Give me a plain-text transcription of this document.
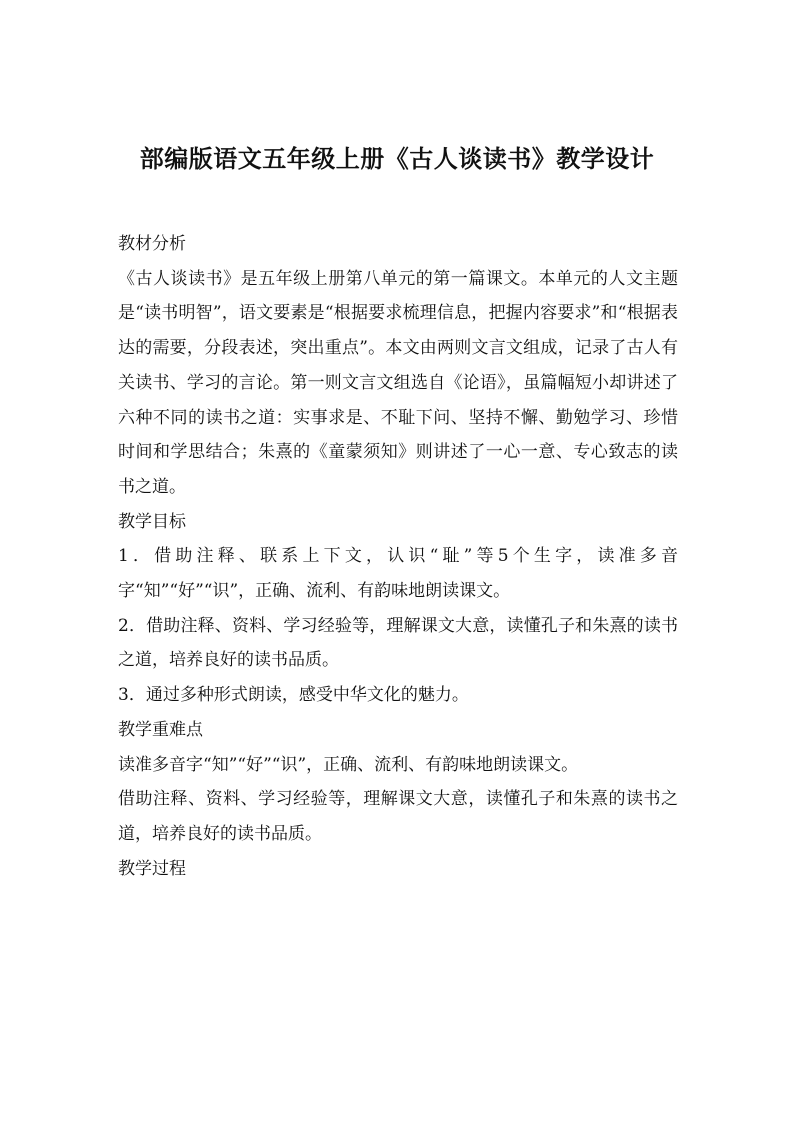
部编版语文五年级上册《古人谈读书》教学设计

教材分析

《古人谈读书》是五年级上册第八单元的第一篇课文。本单元的人文主题是“读书明智”，语文要素是“根据要求梳理信息，把握内容要求”和“根据表达的需要，分段表述，突出重点”。本文由两则文言文组成，记录了古人有关读书、学习的言论。第一则文言文组选自《论语》，虽篇幅短小却讲述了六种不同的读书之道：实事求是、不耻下问、坚持不懈、勤勉学习、珍惜时间和学思结合；朱熹的《童蒙须知》则讲述了一心一意、专心致志的读书之道。

教学目标

1．借助注释、联系上下文，认识“耻”等5个生字，读准多音字“知”“好”“识”，正确、流利、有韵味地朗读课文。

2．借助注释、资料、学习经验等，理解课文大意，读懂孔子和朱熹的读书之道，培养良好的读书品质。

3．通过多种形式朗读，感受中华文化的魅力。

教学重难点

读准多音字“知”“好”“识”，正确、流利、有韵味地朗读课文。

借助注释、资料、学习经验等，理解课文大意，读懂孔子和朱熹的读书之道，培养良好的读书品质。

教学过程
